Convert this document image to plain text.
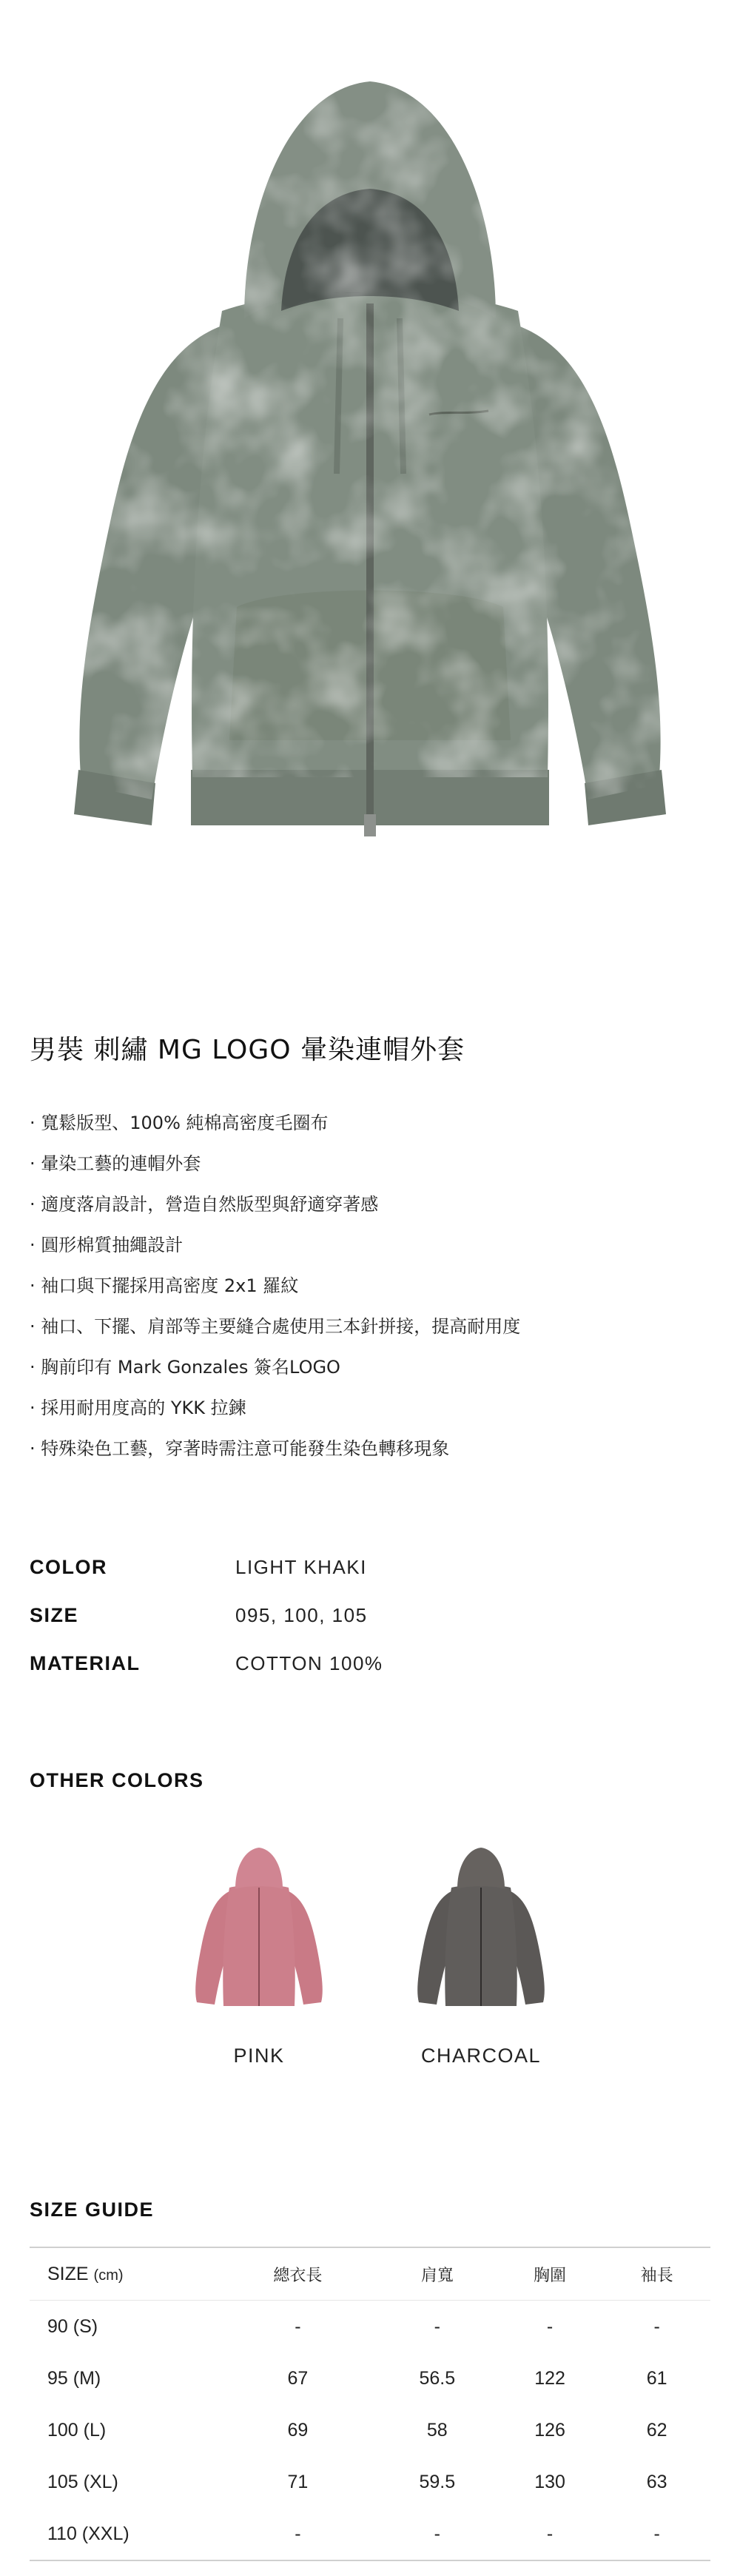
男裝 刺繡 MG LOGO 暈染連帽外套
· 寬鬆版型、100% 純棉高密度毛圈布
· 暈染工藝的連帽外套
· 適度落肩設計，營造自然版型與舒適穿著感
· 圓形棉質抽繩設計
· 袖口與下擺採用高密度 2x1 羅紋
· 袖口、下擺、肩部等主要縫合處使用三本針拼接，提高耐用度
· 胸前印有 Mark Gonzales 簽名LOGO
· 採用耐用度高的 YKK 拉鍊
· 特殊染色工藝，穿著時需注意可能發生染色轉移現象
COLOR	LIGHT KHAKI
SIZE	095, 100, 105
MATERIAL	COTTON 100%
OTHER COLORS
PINK	CHARCOAL
SIZE GUIDE
SIZE (cm)	總衣長	肩寬	胸圍	袖長
90 (S)	-	-	-	-
95 (M)	67	56.5	122	61
100 (L)	69	58	126	62
105 (XL)	71	59.5	130	63
110 (XXL)	-	-	-	-
